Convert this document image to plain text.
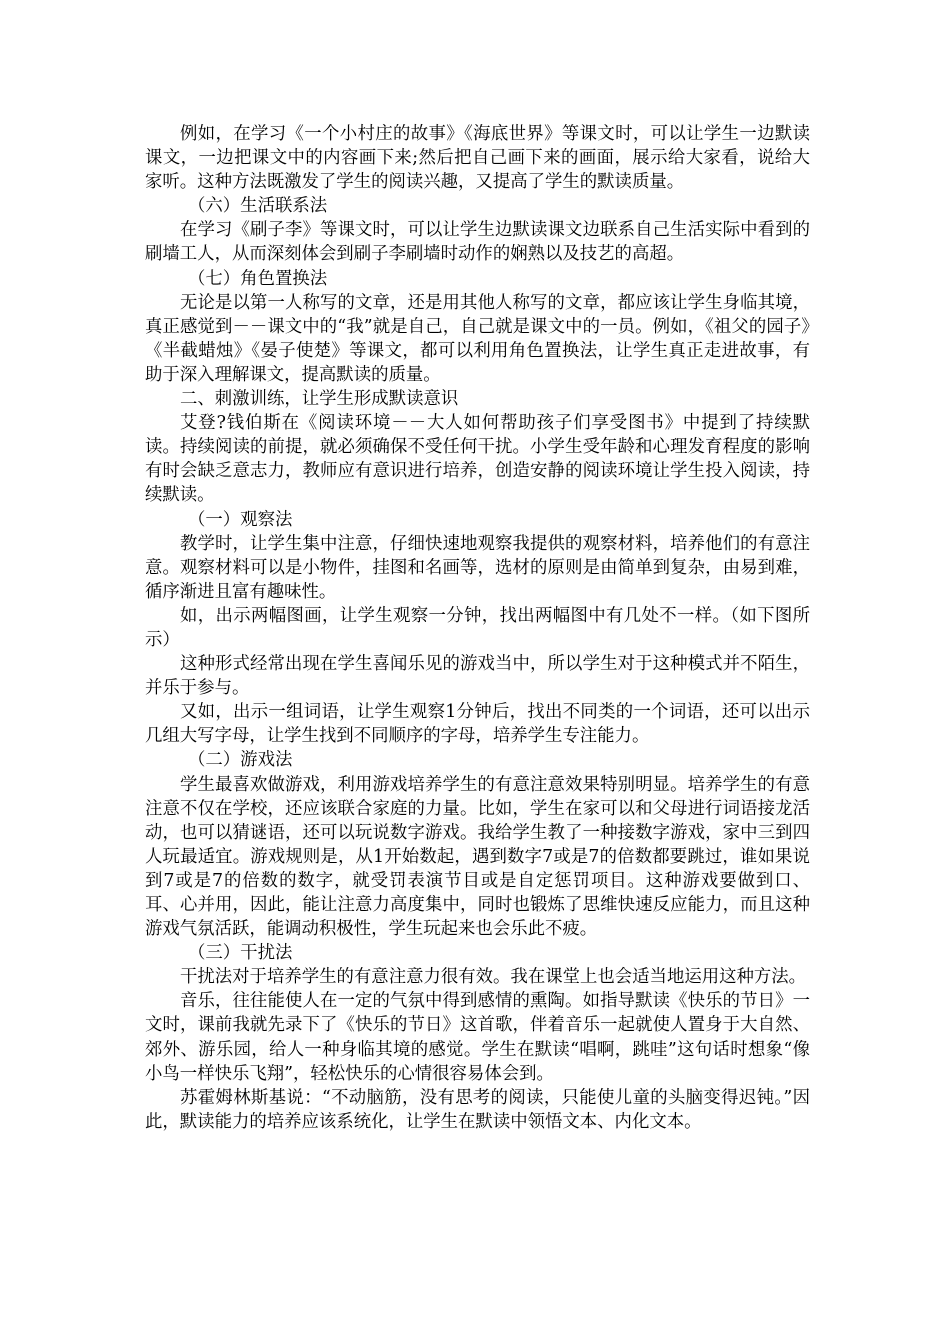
例如，在学习《一个小村庄的故事》《海底世界》等课文时，可以让学生一边默读课文，一边把课文中的内容画下来;然后把自己画下来的画面，展示给大家看，说给大家听。这种方法既激发了学生的阅读兴趣，又提高了学生的默读质量。

（六）生活联系法

在学习《刷子李》等课文时，可以让学生边默读课文边联系自己生活实际中看到的刷墙工人，从而深刻体会到刷子李刷墙时动作的娴熟以及技艺的高超。

（七）角色置换法

无论是以第一人称写的文章，还是用其他人称写的文章，都应该让学生身临其境，真正感觉到－－课文中的“我”就是自己，自己就是课文中的一员。例如，《祖父的园子》《半截蜡烛》《晏子使楚》等课文，都可以利用角色置换法，让学生真正走进故事，有助于深入理解课文，提高默读的质量。

二、刺激训练，让学生形成默读意识

艾登?钱伯斯在《阅读环境－－大人如何帮助孩子们享受图书》中提到了持续默读。持续阅读的前提，就必须确保不受任何干扰。小学生受年龄和心理发育程度的影响有时会缺乏意志力，教师应有意识进行培养，创造安静的阅读环境让学生投入阅读，持续默读。

（一）观察法

教学时，让学生集中注意，仔细快速地观察我提供的观察材料，培养他们的有意注意。观察材料可以是小物件，挂图和名画等，选材的原则是由简单到复杂，由易到难，循序渐进且富有趣味性。

如，出示两幅图画，让学生观察一分钟，找出两幅图中有几处不一样。（如下图所示）

这种形式经常出现在学生喜闻乐见的游戏当中，所以学生对于这种模式并不陌生，并乐于参与。

又如，出示一组词语，让学生观察1分钟后，找出不同类的一个词语，还可以出示几组大写字母，让学生找到不同顺序的字母，培养学生专注能力。

（二）游戏法

学生最喜欢做游戏，利用游戏培养学生的有意注意效果特别明显。培养学生的有意注意不仅在学校，还应该联合家庭的力量。比如，学生在家可以和父母进行词语接龙活动，也可以猜谜语，还可以玩说数字游戏。我给学生教了一种接数字游戏，家中三到四人玩最适宜。游戏规则是，从1开始数起，遇到数字7或是7的倍数都要跳过，谁如果说到7或是7的倍数的数字，就受罚表演节目或是自定惩罚项目。这种游戏要做到口、耳、心并用，因此，能让注意力高度集中，同时也锻炼了思维快速反应能力，而且这种游戏气氛活跃，能调动积极性，学生玩起来也会乐此不疲。

（三）干扰法

干扰法对于培养学生的有意注意力很有效。我在课堂上也会适当地运用这种方法。

音乐，往往能使人在一定的气氛中得到感情的熏陶。如指导默读《快乐的节日》一文时，课前我就先录下了《快乐的节日》这首歌，伴着音乐一起就使人置身于大自然、郊外、游乐园，给人一种身临其境的感觉。学生在默读“唱啊，跳哇”这句话时想象“像小鸟一样快乐飞翔”，轻松快乐的心情很容易体会到。

苏霍姆林斯基说：“不动脑筋，没有思考的阅读，只能使儿童的头脑变得迟钝。”因此，默读能力的培养应该系统化，让学生在默读中领悟文本、内化文本。
